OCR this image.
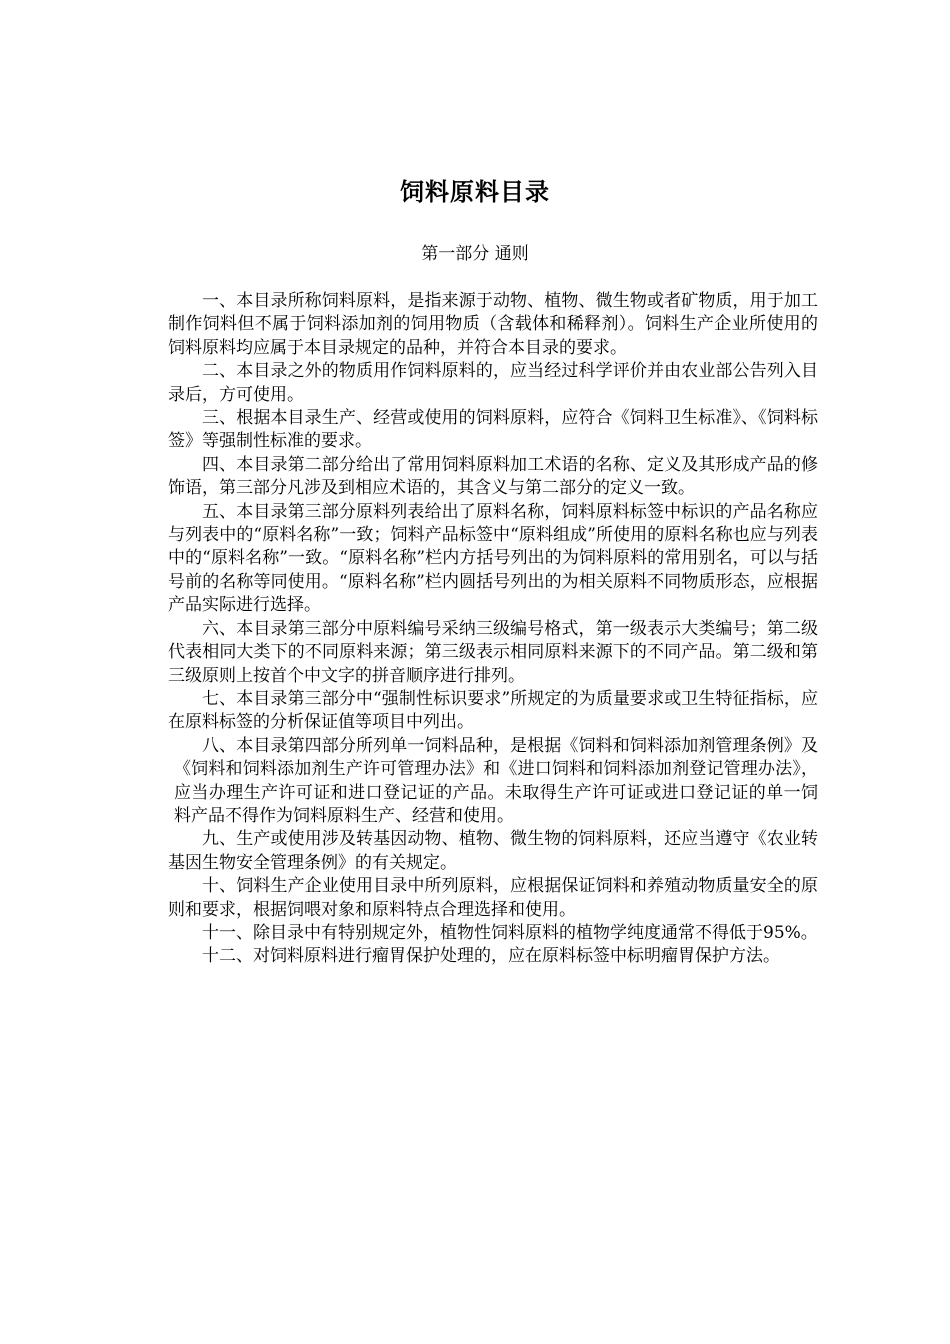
饲料原料目录
第一部分 通则

一、本目录所称饲料原料，是指来源于动物、植物、微生物或者矿物质，用于加工制作饲料但不属于饲料添加剂的饲用物质（含载体和稀释剂）。饲料生产企业所使用的饲料原料均应属于本目录规定的品种，并符合本目录的要求。

二、本目录之外的物质用作饲料原料的，应当经过科学评价并由农业部公告列入目录后，方可使用。

三、根据本目录生产、经营或使用的饲料原料，应符合《饲料卫生标准》、《饲料标签》等强制性标准的要求。

四、本目录第二部分给出了常用饲料原料加工术语的名称、定义及其形成产品的修饰语，第三部分凡涉及到相应术语的，其含义与第二部分的定义一致。

五、本目录第三部分原料列表给出了原料名称，饲料原料标签中标识的产品名称应与列表中的“原料名称”一致；饲料产品标签中“原料组成”所使用的原料名称也应与列表中的“原料名称”一致。“原料名称”栏内方括号列出的为饲料原料的常用别名，可以与括号前的名称等同使用。“原料名称”栏内圆括号列出的为相关原料不同物质形态，应根据产品实际进行选择。

六、本目录第三部分中原料编号采纳三级编号格式，第一级表示大类编号；第二级代表相同大类下的不同原料来源；第三级表示相同原料来源下的不同产品。第二级和第三级原则上按首个中文字的拼音顺序进行排列。

七、本目录第三部分中“强制性标识要求”所规定的为质量要求或卫生特征指标，应在原料标签的分析保证值等项目中列出。

八、本目录第四部分所列单一饲料品种，是根据《饲料和饲料添加剂管理条例》及《饲料和饲料添加剂生产许可管理办法》和《进口饲料和饲料添加剂登记管理办法》，应当办理生产许可证和进口登记证的产品。未取得生产许可证或进口登记证的单一饲料产品不得作为饲料原料生产、经营和使用。

九、生产或使用涉及转基因动物、植物、微生物的饲料原料，还应当遵守《农业转基因生物安全管理条例》的有关规定。

十、饲料生产企业使用目录中所列原料，应根据保证饲料和养殖动物质量安全的原则和要求，根据饲喂对象和原料特点合理选择和使用。

十一、除目录中有特别规定外，植物性饲料原料的植物学纯度通常不得低于95%。

十二、对饲料原料进行瘤胃保护处理的，应在原料标签中标明瘤胃保护方法。
